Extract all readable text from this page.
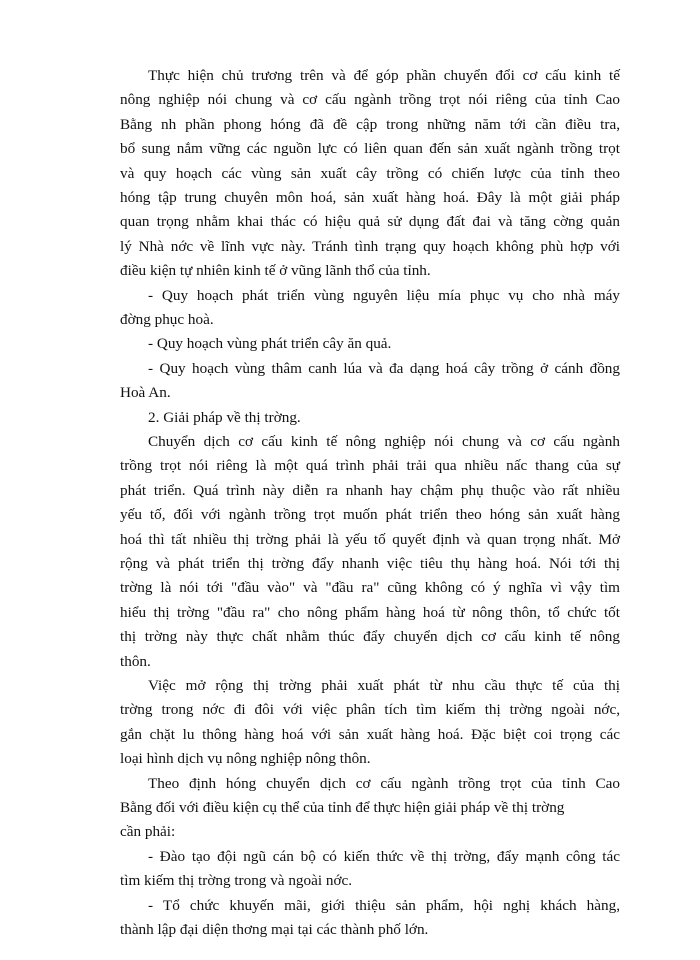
Thực hiện chủ trương trên và để góp phần chuyển đổi cơ cấu kinh tế
nông nghiệp nói chung và cơ cấu ngành trồng trọt nói riêng của tỉnh Cao
Bằng nh phần phong hóng đã đề cập trong những năm tới cần điều tra,
bổ sung nắm vững các nguồn lực có liên quan đến sản xuất ngành trồng trọt
và quy hoạch các vùng sản xuất cây trồng có chiến lược của tỉnh theo
hóng tập trung chuyên môn hoá, sản xuất hàng hoá. Đây là một giải pháp
quan trọng nhằm khai thác có hiệu quả sử dụng đất đai và tăng cờng quản
lý Nhà nớc về lĩnh vực này. Tránh tình trạng quy hoạch không phù hợp với
điều kiện tự nhiên kinh tế ở vũng lãnh thổ của tỉnh.
- Quy hoạch phát triển vùng nguyên liệu mía phục vụ cho nhà máy
đờng phục hoà.
- Quy hoạch vùng phát triển cây ăn quả.
- Quy hoạch vùng thâm canh lúa và đa dạng hoá cây trồng ở cánh đồng
Hoà An.
2. Giải pháp về thị trờng.
Chuyển dịch cơ cấu kinh tế nông nghiệp nói chung và cơ cấu ngành
trồng trọt nói riêng là một quá trình phải trải qua nhiều nấc thang của sự
phát triển. Quá trình này diễn ra nhanh hay chậm phụ thuộc vào rất nhiều
yếu tố, đối với ngành trồng trọt muốn phát triển theo hóng sản xuất hàng
hoá thì tất nhiều thị trờng phải là yếu tố quyết định và quan trọng nhất. Mở
rộng và phát triển thị trờng đẩy nhanh việc tiêu thụ hàng hoá. Nói tới thị
trờng là nói tới "đầu vào" và "đầu ra" cũng không có ý nghĩa vì vậy tìm
hiểu thị trờng "đầu ra" cho nông phẩm hàng hoá từ nông thôn, tổ chức tốt
thị trờng này thực chất nhằm thúc đẩy chuyển dịch cơ cấu kinh tế nông
thôn.
Việc mở rộng thị trờng phải xuất phát từ nhu cầu thực tế của thị
trờng trong nớc đi đôi với việc phân tích tìm kiếm thị trờng ngoài nớc,
gắn chặt lu thông hàng hoá với sản xuất hàng hoá. Đặc biệt coi trọng các
loại hình dịch vụ nông nghiệp nông thôn.
Theo định hóng chuyển dịch cơ cấu ngành trồng trọt của tỉnh Cao
Bằng đối với điều kiện cụ thể của tỉnh để thực hiện giải pháp về thị trờng
cần phải:
- Đào tạo đội ngũ cán bộ có kiến thức về thị trờng, đẩy mạnh công tác
tìm kiếm thị trờng trong và ngoài nớc.
- Tổ chức khuyến mãi, giới thiệu sản phẩm, hội nghị khách hàng,
thành lập đại diện thơng mại tại các thành phố lớn.
